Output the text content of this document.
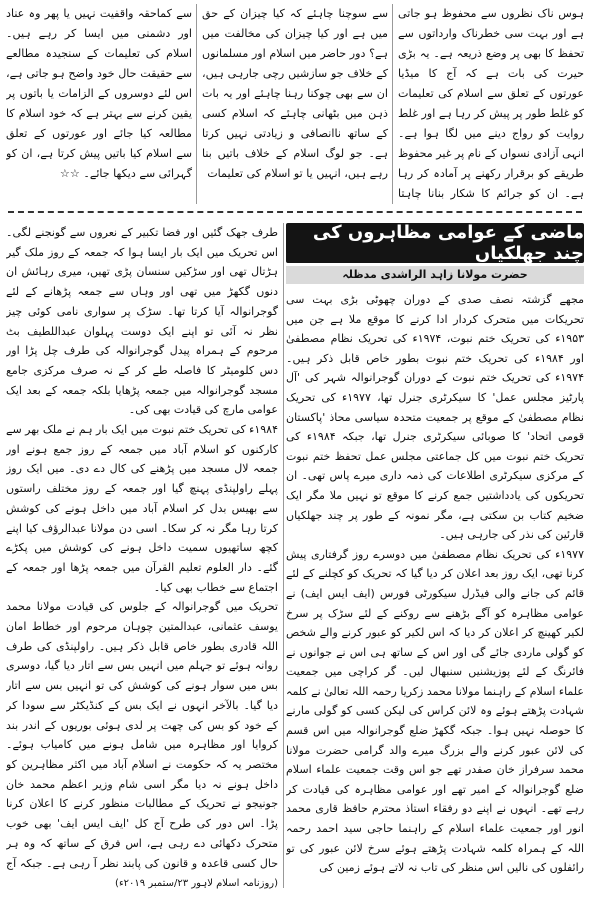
ہوس ناک نظروں سے محفوظ ہو جاتی ہے اور بہت سی خطرناک وارداتوں سے تحفظ کا بھی پر وضع ذریعہ ہے۔ یہ بڑی حیرت کی بات ہے کہ آج کا میڈیا عورتوں کے تعلق سے اسلام کی تعلیمات کو غلط طور پر پیش کر رہا ہے اور غلط روایت کو رواج دینے میں لگا ہوا ہے۔ انہی آزادی نسواں کے نام پر غیر محفوظ طریقے کو برقرار رکھنے پر آمادہ کر رہا ہے۔ ان کو جرائم کا شکار بنانا چاہتا

سے سوچنا چاہئے کہ کیا چیزان کے حق میں ہے اور کیا چیزان کی مخالفت میں ہے؟ دور حاضر میں اسلام اور مسلمانوں کے خلاف جو سازشیں رچی جارہی ہیں، ان سے بھی چوکنا رہنا چاہئے اور یہ بات ذہن میں بٹھانی چاہئے کہ اسلام کسی کے ساتھ ناانصافی و زیادتی نہیں کرتا ہے۔ جو لوگ اسلام کے خلاف باتیں بنا رہے ہیں، انہیں یا تو اسلام کی تعلیمات

سے کماحقہ واقفیت نہیں یا پھر وہ عناد اور دشمنی میں ایسا کر رہے ہیں۔ اسلام کی تعلیمات کے سنجیدہ مطالعے سے حقیقت حال خود واضح ہو جاتی ہے، اس لئے دوسروں کے الزامات یا باتوں پر یقین کرنے سے بہتر ہے کہ خود اسلام کا مطالعہ کیا جائے اور عورتوں کے تعلق سے اسلام کیا باتیں پیش کرتا ہے، ان کو گہرائی سے دیکھا جائے۔ ☆☆

ماضی کے عوامی مظاہروں کی چند جھلکیاں
حضرت مولانا زاہد الراشدی مدظلہ

مجھے گزشتہ نصف صدی کے دوران چھوٹی بڑی بہت سی تحریکات میں متحرک کردار ادا کرنے کا موقع ملا ہے جن میں ۱۹۵۳ء کی تحریک ختم نبوت، ۱۹۷۴ء کی تحریک نظام مصطفیٰ اور ۱۹۸۴ء کی تحریک ختم نبوت بطور خاص قابل ذکر ہیں۔ ۱۹۷۴ء کی تحریک ختم نبوت کے دوران گوجرانوالہ شہر کی 'آل پارٹیز مجلس عمل' کا سیکرٹری جنرل تھا، ۱۹۷۷ء کی تحریک نظام مصطفیٰ کے موقع پر جمعیت متحدہ سیاسی محاذ 'پاکستان قومی اتحاد' کا صوبائی سیکرٹری جنرل تھا، جبکہ ۱۹۸۴ء کی تحریک ختم نبوت میں کل جماعتی مجلس عمل تحفظ ختم نبوت کے مرکزی سیکرٹری اطلاعات کی ذمہ داری میرے پاس تھی۔ ان تحریکوں کی یادداشتیں جمع کرنے کا موقع تو نہیں ملا مگر ایک ضخیم کتاب بن سکتی ہے، مگر نمونہ کے طور پر چند جھلکیاں قارئین کی نذر کی جارہی ہیں۔

۱۹۷۷ء کی تحریک نظام مصطفیٰ میں دوسرے روز گرفتاری پیش کرنا تھی، ایک روز بعد اعلان کر دیا گیا کہ تحریک کو کچلنے کے لئے قائم کی جانے والی فیڈرل سیکورٹی فورس (ایف ایس ایف) نے عوامی مظاہرہ کو آگے بڑھنے سے روکنے کے لئے سڑک پر سرخ لکیر کھینچ کر اعلان کر دیا کہ اس لکیر کو عبور کرنے والے شخص کو گولی ماردی جائے گی اور اس کے ساتھ ہی اس نے جوانوں نے فائرنگ کے لئے پوزیشنیں سنبھال لیں۔ گر کراچی میں جمعیت علماء اسلام کے راہنما مولانا محمد زکریا رحمہ اللہ تعالیٰ نے کلمہ شہادت پڑھتے ہوئے وہ لائن کراس کی لیکن کسی کو گولی مارنے کا حوصلہ نہیں ہوا۔ جبکہ گکھڑ ضلع گوجرانوالہ میں اس قسم کی لائن عبور کرنے والے بزرگ میرے والد گرامی حضرت مولانا محمد سرفراز خان صفدر تھے جو اس وقت جمعیت علماء اسلام ضلع گوجرانوالہ کے امیر تھے اور عوامی مظاہرہ کی قیادت کر رہے تھے۔ انہوں نے اپنے دو رفقاء استاذ محترم حافظ قاری محمد انور اور جمعیت علماء اسلام کے راہنما حاجی سید احمد رحمہ اللہ کے ہمراہ کلمہ شہادت پڑھتے ہوئے سرخ لائن عبور کی تو رائفلوں کی نالیں اس منظر کی تاب نہ لاتے ہوئے زمین کی

طرف جھک گئیں اور فضا تکبیر کے نعروں سے گونجنے لگی۔ اس تحریک میں ایک بار ایسا ہوا کہ جمعہ کے روز ملک گیر ہڑتال تھی اور سڑکیں سنسان پڑی تھیں، میری رہائش ان دنوں گکھڑ میں تھی اور وہاں سے جمعہ پڑھانے کے لئے گوجرانوالہ آیا کرتا تھا۔ سڑک پر سواری نامی کوئی چیز نظر نہ آئی تو اپنے ایک دوست پہلوان عبداللطیف بٹ مرحوم کے ہمراہ پیدل گوجرانوالہ کی طرف چل پڑا اور دس کلومیٹر کا فاصلہ طے کر کے نہ صرف مرکزی جامع مسجد گوجرانوالہ میں جمعہ پڑھایا بلکہ جمعہ کے بعد ایک عوامی مارچ کی قیادت بھی کی۔

۱۹۸۴ء کی تحریک ختم نبوت میں ایک بار ہم نے ملک بھر سے کارکنوں کو اسلام آباد میں جمعہ کے روز جمع ہونے اور جمعہ لال مسجد میں پڑھنے کی کال دے دی۔ میں ایک روز پہلے راولپنڈی پہنچ گیا اور جمعہ کے روز مختلف راستوں سے بھیس بدل کر اسلام آباد میں داخل ہونے کی کوشش کرتا رہا مگر نہ کر سکا۔ اسی دن مولانا عبدالرؤف کیا اپنے کچھ ساتھیوں سمیت داخل ہونے کی کوشش میں پکڑے گئے۔ دار العلوم تعلیم القرآن میں جمعہ پڑھا اور جمعہ کے اجتماع سے خطاب بھی کیا۔

تحریک میں گوجرانوالہ کے جلوس کی قیادت مولانا محمد یوسف عثمانی، عبدالمتین چوہان مرحوم اور خطاط امان اللہ قادری بطور خاص قابل ذکر ہیں۔ راولپنڈی کی طرف روانہ ہوئے تو جہلم میں انہیں بس سے اتار دیا گیا، دوسری بس میں سوار ہونے کی کوشش کی تو انہیں بس سے اتار دیا گیا۔ بالآخر انہوں نے ایک بس کے کنڈیکٹر سے سودا کر کے خود کو بس کی چھت پر لدی ہوئی بوریوں کے اندر بند کروایا اور مظاہرہ میں شامل ہونے میں کامیاب ہوئے۔ مختصر یہ کہ حکومت نے اسلام آباد میں اکثر مظاہرین کو داخل ہونے نہ دیا مگر اسی شام وزیر اعظم محمد خان جونیجو نے تحریک کے مطالبات منظور کرنے کا اعلان کرنا پڑا۔ اس دور کی طرح آج کل 'ایف ایس ایف' بھی خوب متحرک دکھائی دے رہی ہے، اس فرق کے ساتھ کہ وہ ہر حال کسی قاعدہ و قانون کی پابند نظر آ رہی ہے۔ جبکہ آج

(روزنامہ اسلام لاہور ۲۳/ستمبر ۲۰۱۹ء)
